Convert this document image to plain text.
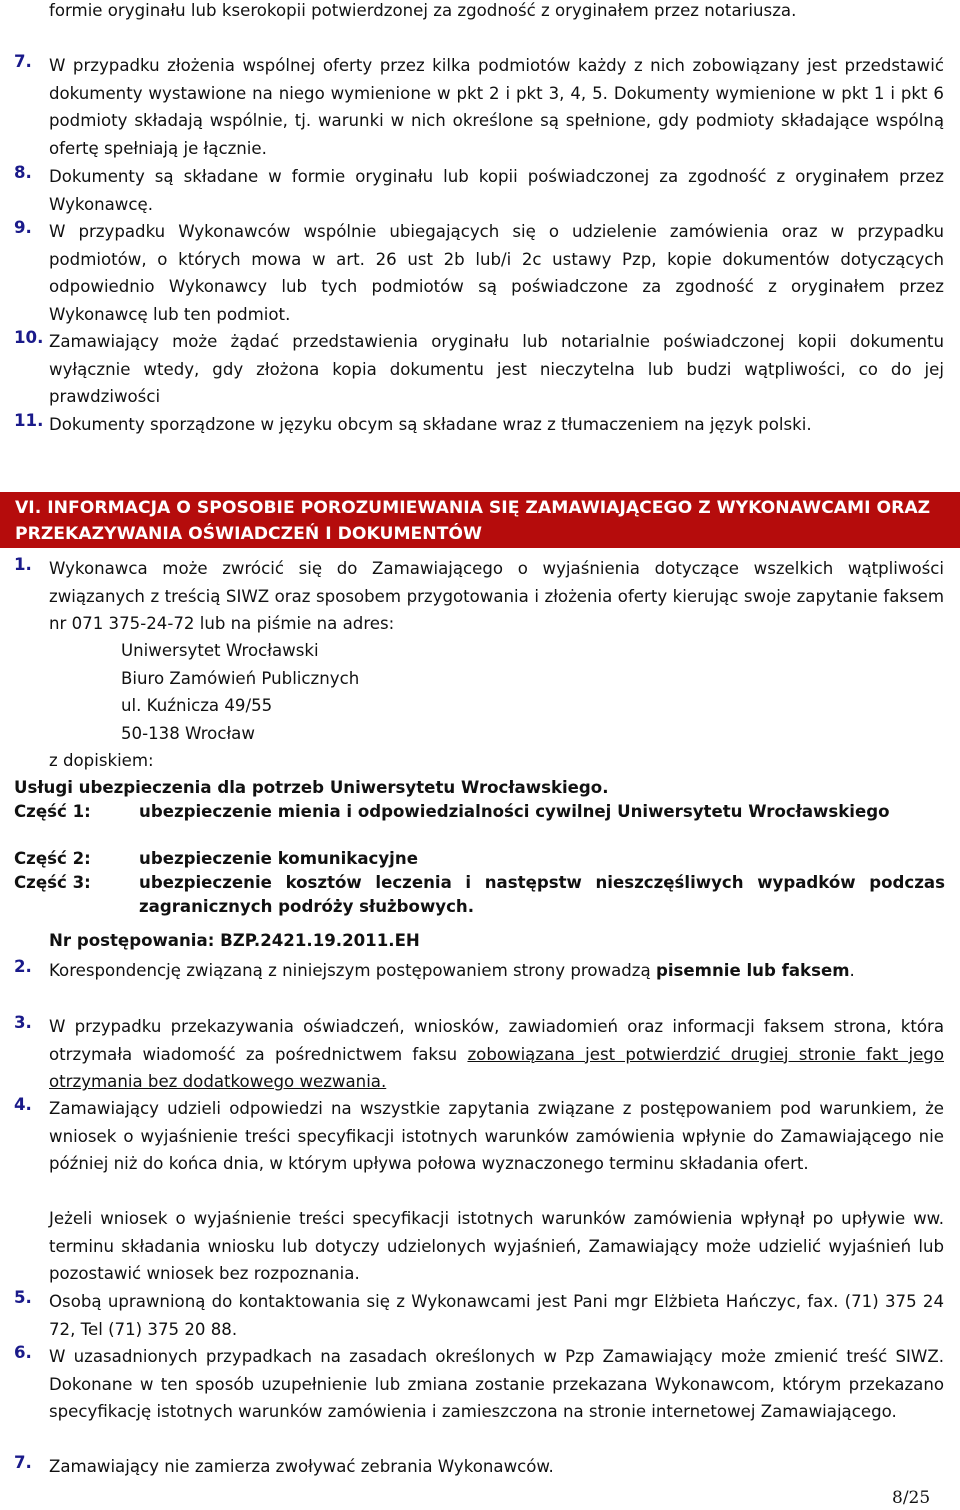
formie oryginału lub kserokopii potwierdzonej za zgodność z oryginałem przez notariusza.
7.	W przypadku złożenia wspólnej oferty przez kilka podmiotów każdy z nich zobowiązany jest przedstawić dokumenty wystawione na niego wymienione w pkt 2 i pkt 3, 4, 5. Dokumenty wymienione w pkt 1 i pkt 6 podmioty składają wspólnie, tj. warunki w nich określone są spełnione, gdy podmioty składające wspólną ofertę spełniają je łącznie.
8.	Dokumenty są składane w formie oryginału lub kopii poświadczonej za zgodność z oryginałem przez Wykonawcę.
9.	W przypadku Wykonawców wspólnie ubiegających się o udzielenie zamówienia oraz w przypadku podmiotów, o których mowa w art. 26 ust 2b lub/i 2c ustawy Pzp, kopie dokumentów dotyczących odpowiednio Wykonawcy lub tych podmiotów są poświadczone za zgodność z oryginałem przez Wykonawcę lub ten podmiot.
10. Zamawiający może żądać przedstawienia oryginału lub notarialnie poświadczonej kopii dokumentu wyłącznie wtedy, gdy złożona kopia dokumentu jest nieczytelna lub budzi wątpliwości, co do jej prawdziwości
11. Dokumenty sporządzone w języku obcym są składane wraz z tłumaczeniem na język polski.
VI. INFORMACJA O SPOSOBIE POROZUMIEWANIA SIĘ ZAMAWIAJĄCEGO Z WYKONAWCAMI ORAZ PRZEKAZYWANIA OŚWIADCZEŃ I DOKUMENTÓW
1.	Wykonawca może zwrócić się do Zamawiającego o wyjaśnienia dotyczące wszelkich wątpliwości związanych z treścią SIWZ oraz sposobem przygotowania i złożenia oferty kierując swoje zapytanie faksem nr 071 375-24-72 lub na piśmie na adres:
Uniwersytet Wrocławski
Biuro Zamówień Publicznych
ul. Kuźnicza 49/55
50-138 Wrocław
z dopiskiem:
Usługi ubezpieczenia dla potrzeb Uniwersytetu Wrocławskiego.
Część 1:	ubezpieczenie mienia i odpowiedzialności cywilnej Uniwersytetu Wrocławskiego
Część 2:	ubezpieczenie komunikacyjne
Część 3:	ubezpieczenie kosztów leczenia i następstw nieszczęśliwych wypadków podczas zagranicznych podróży służbowych.
Nr postępowania: BZP.2421.19.2011.EH
2.	Korespondencję związaną z niniejszym postępowaniem strony prowadzą pisemnie lub faksem.
3.	W przypadku przekazywania oświadczeń, wniosków, zawiadomień oraz informacji faksem strona, która otrzymała wiadomość za pośrednictwem faksu zobowiązana jest potwierdzić drugiej stronie fakt jego otrzymania bez dodatkowego wezwania.
4.	Zamawiający udzieli odpowiedzi na wszystkie zapytania związane z postępowaniem pod warunkiem, że wniosek o wyjaśnienie treści specyfikacji istotnych warunków zamówienia wpłynie do Zamawiającego nie później niż do końca dnia, w którym upływa połowa wyznaczonego terminu składania ofert.
Jeżeli wniosek o wyjaśnienie treści specyfikacji istotnych warunków zamówienia wpłynął po upływie ww. terminu składania wniosku lub dotyczy udzielonych wyjaśnień, Zamawiający może udzielić wyjaśnień lub pozostawić wniosek bez rozpoznania.
5.	Osobą uprawnioną do kontaktowania się z Wykonawcami jest Pani mgr Elżbieta Hańczyc, fax. (71) 375 24 72, Tel (71) 375 20 88.
6.	W uzasadnionych przypadkach na zasadach określonych w Pzp Zamawiający może zmienić treść SIWZ. Dokonane w ten sposób uzupełnienie lub zmiana zostanie przekazana Wykonawcom, którym przekazano specyfikację istotnych warunków zamówienia i zamieszczona na stronie internetowej Zamawiającego.
7.	Zamawiający nie zamierza zwoływać zebrania Wykonawców.
8/25
